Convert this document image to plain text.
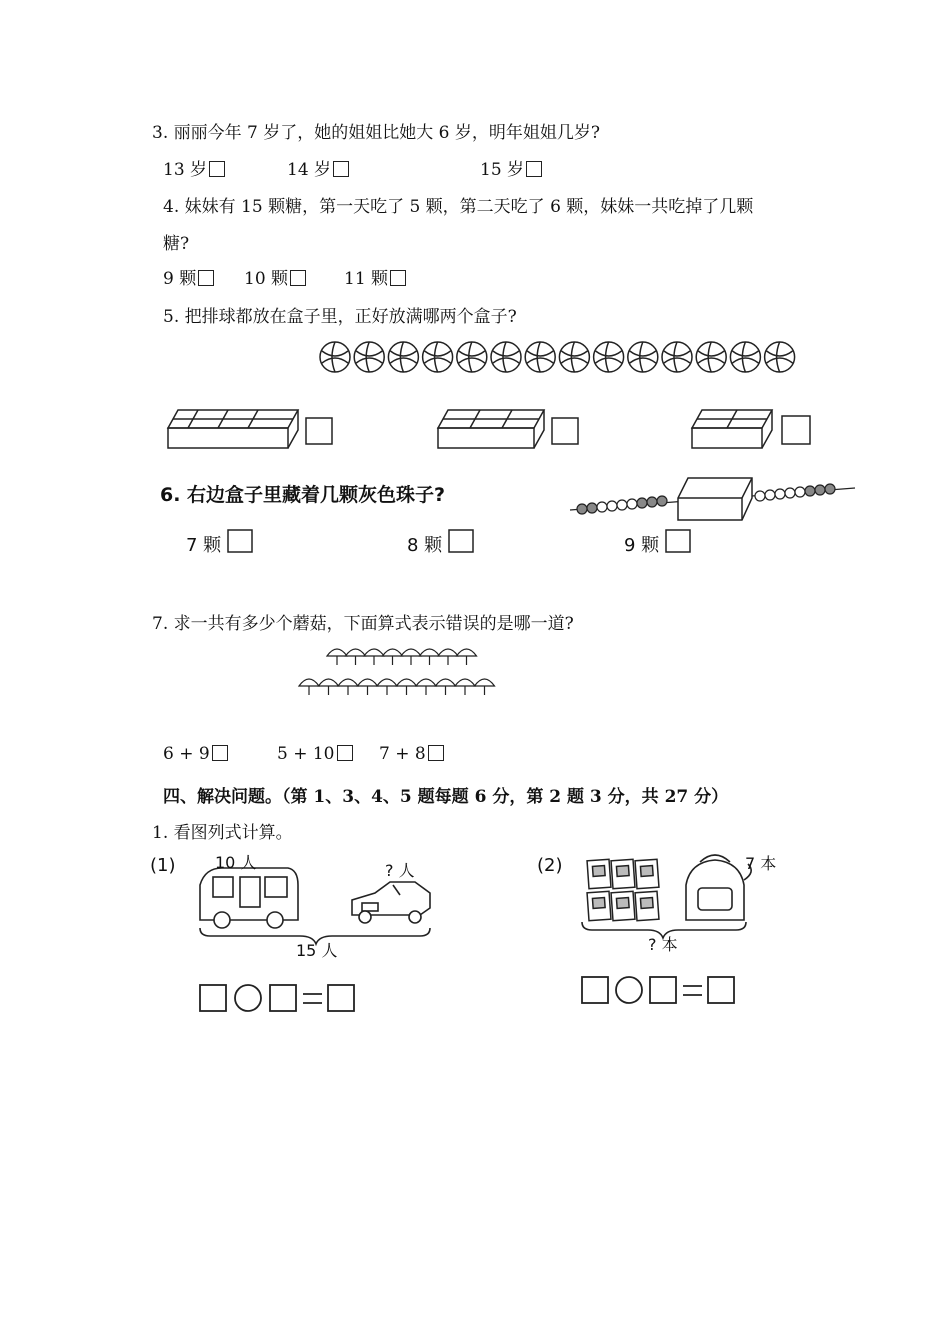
3. 丽丽今年 7 岁了，她的姐姐比她大 6 岁，明年姐姐几岁?
13 岁	14 岁	15 岁
4. 妹妹有 15 颗糖，第一天吃了 5 颗，第二天吃了 6 颗，妹妹一共吃掉了几颗
糖?
9 颗	10 颗	11 颗
5. 把排球都放在盒子里，正好放满哪两个盒子?
6. 右边盒子里藏着几颗灰色珠子?
7 颗	8 颗	9 颗
7. 求一共有多少个蘑菇，下面算式表示错误的是哪一道?
6 + 9	5 + 10	7 + 8
四、解决问题。（第 1、3、4、5 题每题 6 分，第 2 题 3 分，共 27 分）
1. 看图列式计算。
(1) 10 人	? 人
15 人
(2)	7 本
? 本
